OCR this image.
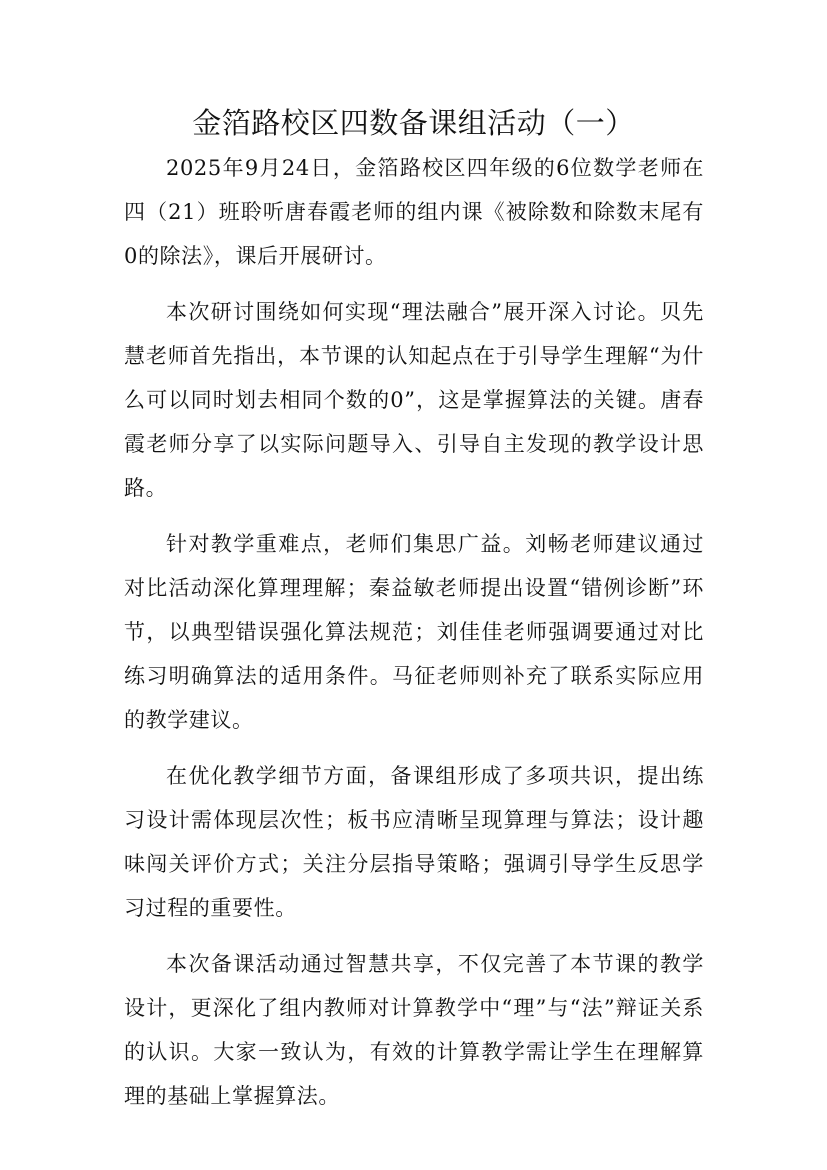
金箔路校区四数备课组活动（一）

2025年9月24日，金箔路校区四年级的6位数学老师在四（21）班聆听唐春霞老师的组内课《被除数和除数末尾有0的除法》，课后开展研讨。

本次研讨围绕如何实现“理法融合”展开深入讨论。贝先慧老师首先指出，本节课的认知起点在于引导学生理解“为什么可以同时划去相同个数的0”，这是掌握算法的关键。唐春霞老师分享了以实际问题导入、引导自主发现的教学设计思路。

针对教学重难点，老师们集思广益。刘畅老师建议通过对比活动深化算理理解；秦益敏老师提出设置“错例诊断”环节，以典型错误强化算法规范；刘佳佳老师强调要通过对比练习明确算法的适用条件。马征老师则补充了联系实际应用的教学建议。

在优化教学细节方面，备课组形成了多项共识，提出练习设计需体现层次性；板书应清晰呈现算理与算法；设计趣味闯关评价方式；关注分层指导策略；强调引导学生反思学习过程的重要性。

本次备课活动通过智慧共享，不仅完善了本节课的教学设计，更深化了组内教师对计算教学中“理”与“法”辩证关系的认识。大家一致认为，有效的计算教学需让学生在理解算理的基础上掌握算法。
